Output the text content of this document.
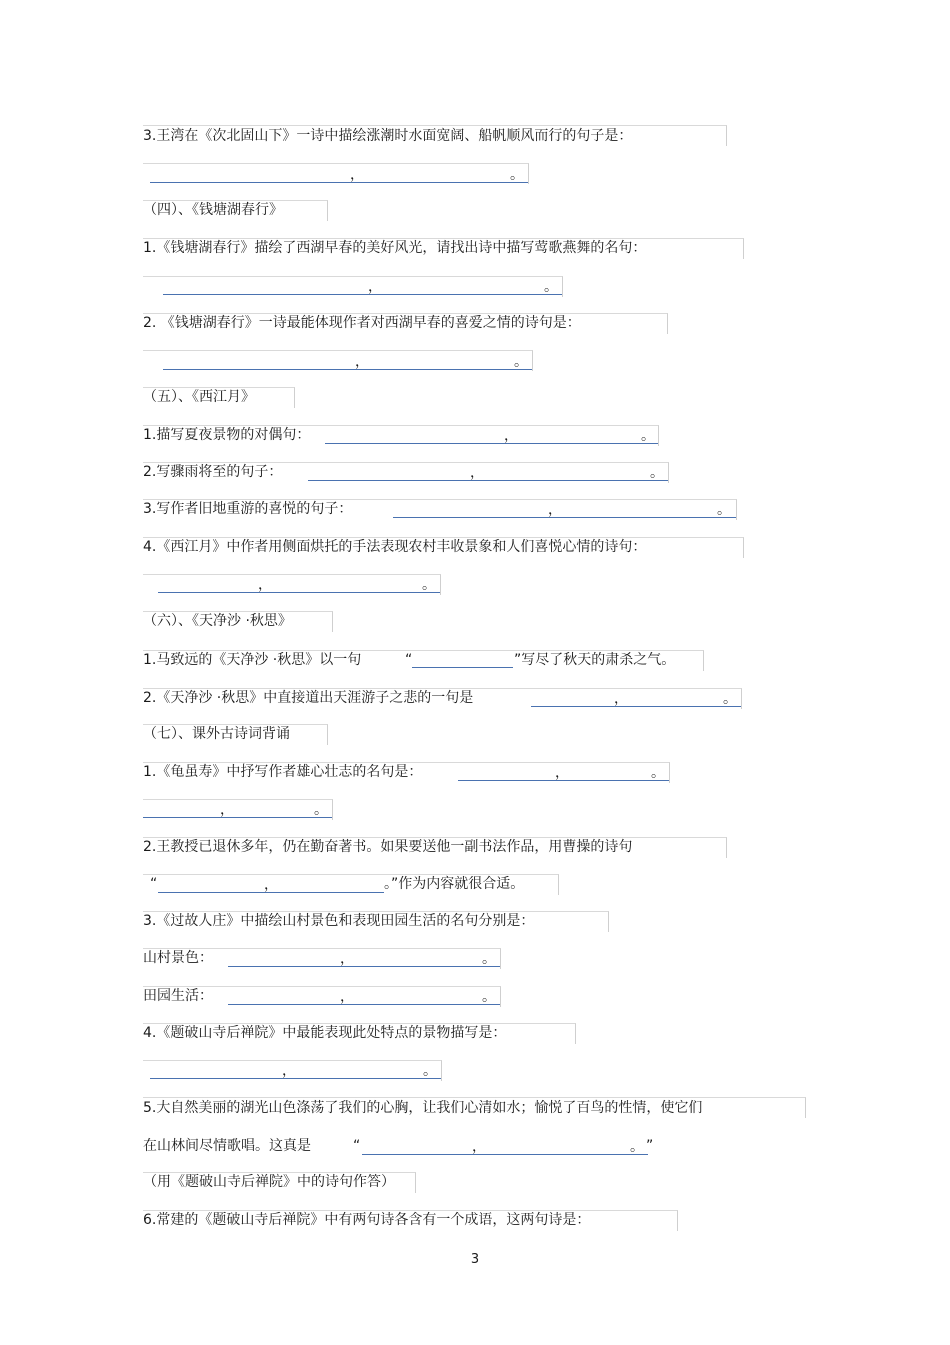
3.王湾在《次北固山下》一诗中描绘涨潮时水面宽阔、船帆顺风而行的句子是：
，	。
（四）、《钱塘湖春行》
1.《钱塘湖春行》描绘了西湖早春的美好风光，请找出诗中描写莺歌燕舞的名句：
，	。
2. 《钱塘湖春行》一诗最能体现作者对西湖早春的喜爱之情的诗句是：
，	。
（五）、《西江月》
1.描写夏夜景物的对偶句：	，	。
2.写骤雨将至的句子：	，	。
3.写作者旧地重游的喜悦的句子：	，	。
4.《西江月》中作者用侧面烘托的手法表现农村丰收景象和人们喜悦心情的诗句：
，	。
（六）、《天净沙 ·秋思》
1.马致远的《天净沙 ·秋思》以一句	“	”写尽了秋天的肃杀之气。
2.《天净沙 ·秋思》中直接道出天涯游子之悲的一句是	，	。
（七）、课外古诗词背诵
1.《龟虽寿》中抒写作者雄心壮志的名句是：	，	。
，	。
2.王教授已退休多年，仍在勤奋著书。如果要送他一副书法作品，用曹操的诗句
“	，	。”作为内容就很合适。
3.《过故人庄》中描绘山村景色和表现田园生活的名句分别是：
山村景色：	，	。
田园生活：	，	。
4.《题破山寺后禅院》中最能表现此处特点的景物描写是：
，	。
5.大自然美丽的湖光山色涤荡了我们的心胸，让我们心清如水；愉悦了百鸟的性情，使它们
在山林间尽情歌唱。这真是	“	，	。 ”
（用《题破山寺后禅院》中的诗句作答）
6.常建的《题破山寺后禅院》中有两句诗各含有一个成语，这两句诗是：
3
